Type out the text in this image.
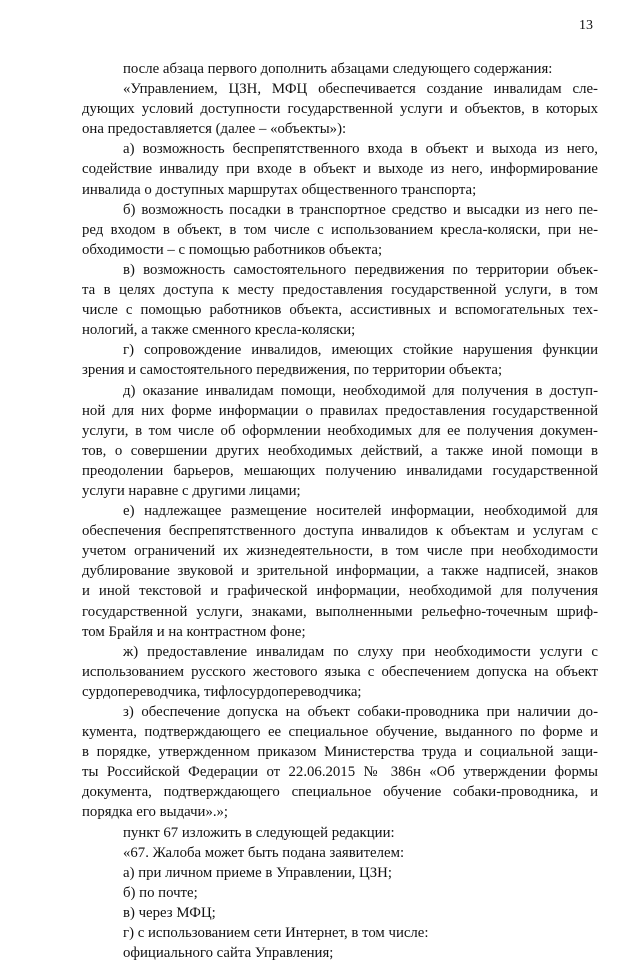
13
после абзаца первого дополнить абзацами следующего содержания:
«Управлением, ЦЗН, МФЦ обеспечивается создание инвалидам сле-
дующих условий доступности государственной услуги и объектов, в которых
она предоставляется (далее – «объекты»):
а) возможность беспрепятственного входа в объект и выхода из него,
содействие инвалиду при входе в объект и выходе из него, информирование
инвалида о доступных маршрутах общественного транспорта;
б) возможность посадки в транспортное средство и высадки из него пе-
ред входом в объект, в том числе с использованием кресла-коляски, при не-
обходимости – с помощью работников объекта;
в) возможность самостоятельного передвижения по территории объек-
та в целях доступа к месту предоставления государственной услуги, в том
числе с помощью работников объекта, ассистивных и вспомогательных тех-
нологий, а также сменного кресла-коляски;
г) сопровождение инвалидов, имеющих стойкие нарушения функции
зрения и самостоятельного передвижения, по территории объекта;
д) оказание инвалидам помощи, необходимой для получения в доступ-
ной для них форме информации о правилах предоставления государственной
услуги, в том числе об оформлении необходимых для ее получения докумен-
тов, о совершении других необходимых действий, а также иной помощи в
преодолении барьеров, мешающих получению инвалидами государственной
услуги наравне с другими лицами;
е) надлежащее размещение носителей информации, необходимой для
обеспечения беспрепятственного доступа инвалидов к объектам и услугам с
учетом ограничений их жизнедеятельности, в том числе при необходимости
дублирование звуковой и зрительной информации, а также надписей, знаков
и иной текстовой и графической информации, необходимой для получения
государственной услуги, знаками, выполненными рельефно-точечным шриф-
том Брайля и на контрастном фоне;
ж) предоставление инвалидам по слуху при необходимости услуги с
использованием русского жестового языка с обеспечением допуска на объект
сурдопереводчика, тифлосурдопереводчика;
з) обеспечение допуска на объект собаки-проводника при наличии до-
кумента, подтверждающего ее специальное обучение, выданного по форме и
в порядке, утвержденном приказом Министерства труда и социальной защи-
ты Российской Федерации от 22.06.2015 № 386н «Об утверждении формы
документа, подтверждающего специальное обучение собаки-проводника, и
порядка его выдачи».»;
пункт 67 изложить в следующей редакции:
«67. Жалоба может быть подана заявителем:
а) при личном приеме в Управлении, ЦЗН;
б) по почте;
в) через МФЦ;
г) с использованием сети Интернет, в том числе:
официального сайта Управления;
